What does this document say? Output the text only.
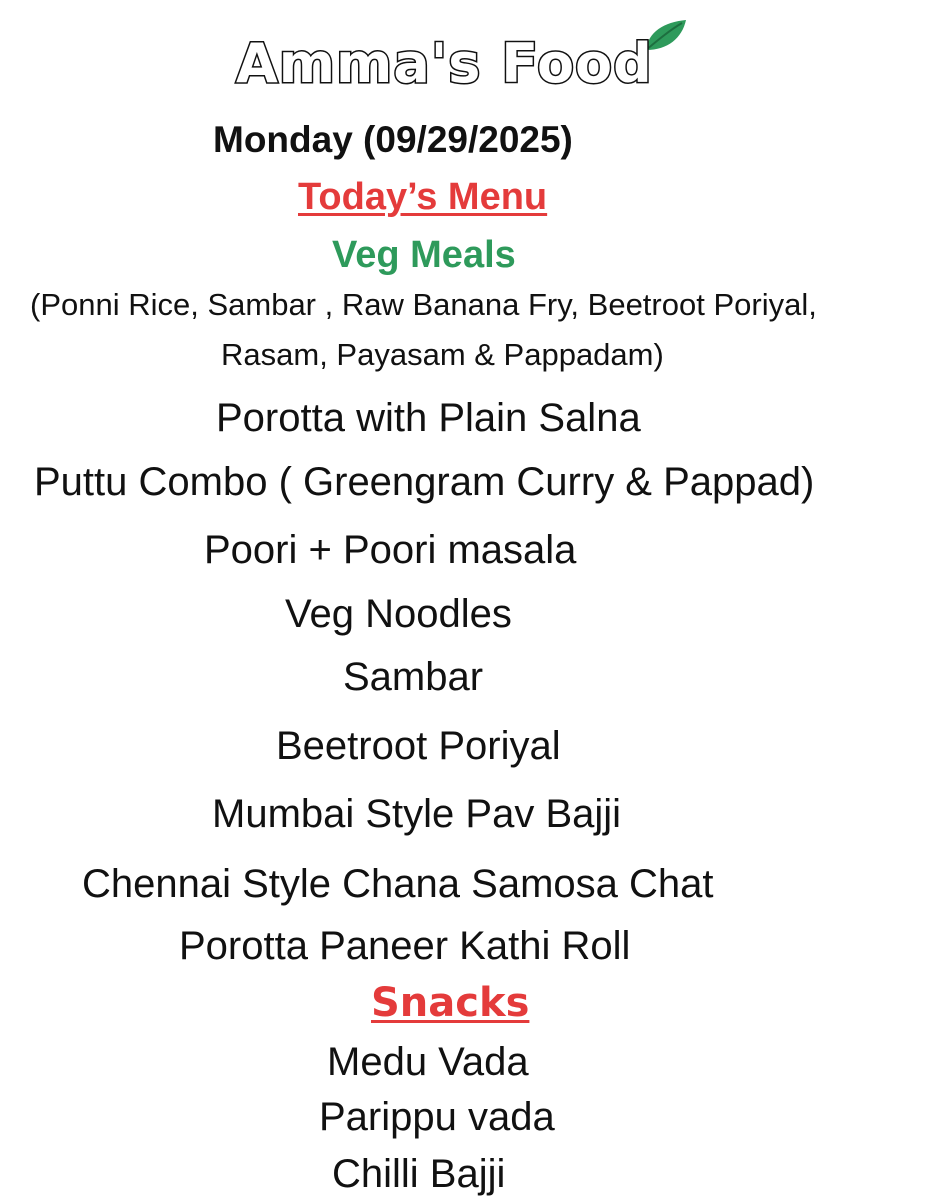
Amma's Food
Monday (09/29/2025)
Today’s Menu
Veg Meals
(Ponni Rice, Sambar , Raw Banana Fry, Beetroot Poriyal,
Rasam, Payasam & Pappadam)
Porotta with Plain Salna
Puttu Combo ( Greengram Curry & Pappad)
Poori + Poori masala
Veg Noodles
Sambar
Beetroot Poriyal
Mumbai Style Pav Bajji
Chennai Style Chana Samosa Chat
Porotta Paneer Kathi Roll
Snacks
Medu Vada
Parippu vada
Chilli Bajji
